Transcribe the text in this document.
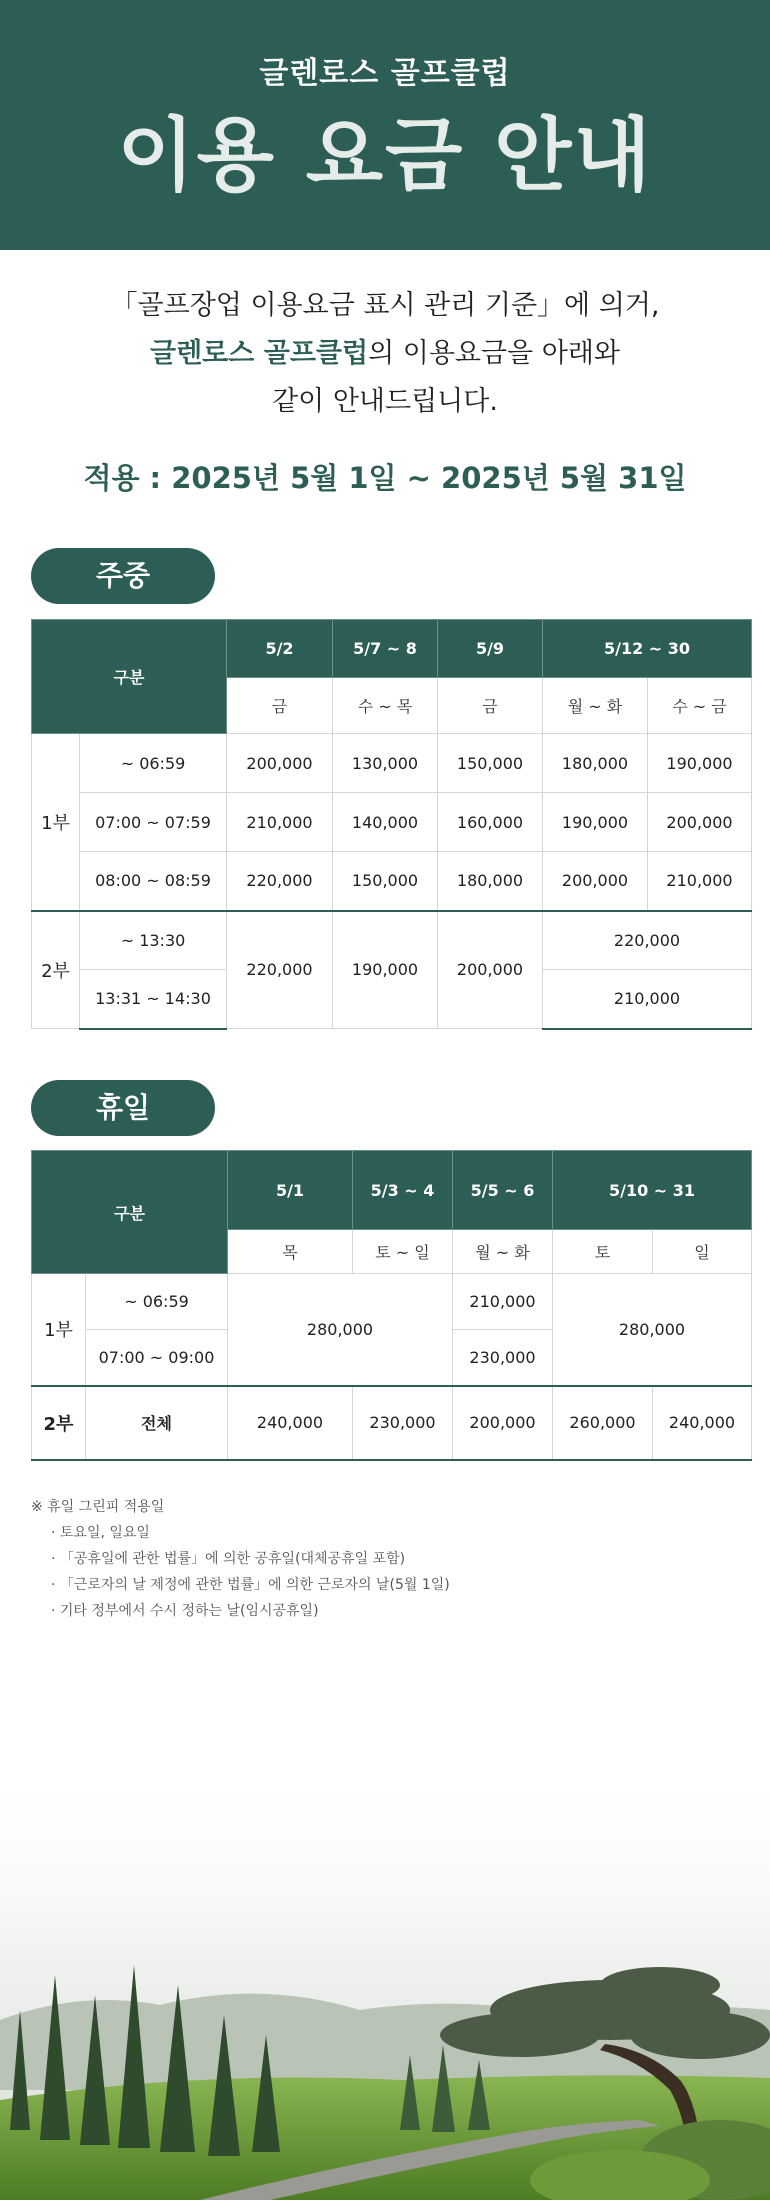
글렌로스 골프클럽
이용 요금 안내
「골프장업 이용요금 표시 관리 기준」에 의거,
글렌로스 골프클럽의 이용요금을 아래와
같이 안내드립니다.
적용 : 2025년 5월 1일 ~ 2025년 5월 31일
주중
구분		5/2	5/7 ~ 8	5/9	5/12 ~ 30	
		금	수 ~ 목	금	월 ~ 화	수 ~ 금
1부	~ 06:59	200,000	130,000	150,000	180,000	190,000
	07:00 ~ 07:59	210,000	140,000	160,000	190,000	200,000
	08:00 ~ 08:59	220,000	150,000	180,000	200,000	210,000
2부	~ 13:30	220,000	190,000	200,000	220,000	
	13:31 ~ 14:30				210,000	
휴일
구분		5/1	5/3 ~ 4	5/5 ~ 6	5/10 ~ 31	
		목	토 ~ 일	월 ~ 화	토	일
1부	~ 06:59	280,000		210,000	280,000	
	07:00 ~ 09:00			230,000		
2부	전체	240,000	230,000	200,000	260,000	240,000
※ 휴일 그린피 적용일
· 토요일, 일요일
· 「공휴일에 관한 법률」에 의한 공휴일(대체공휴일 포함)
· 「근로자의 날 제정에 관한 법률」에 의한 근로자의 날(5월 1일)
· 기타 정부에서 수시 정하는 날(임시공휴일)
